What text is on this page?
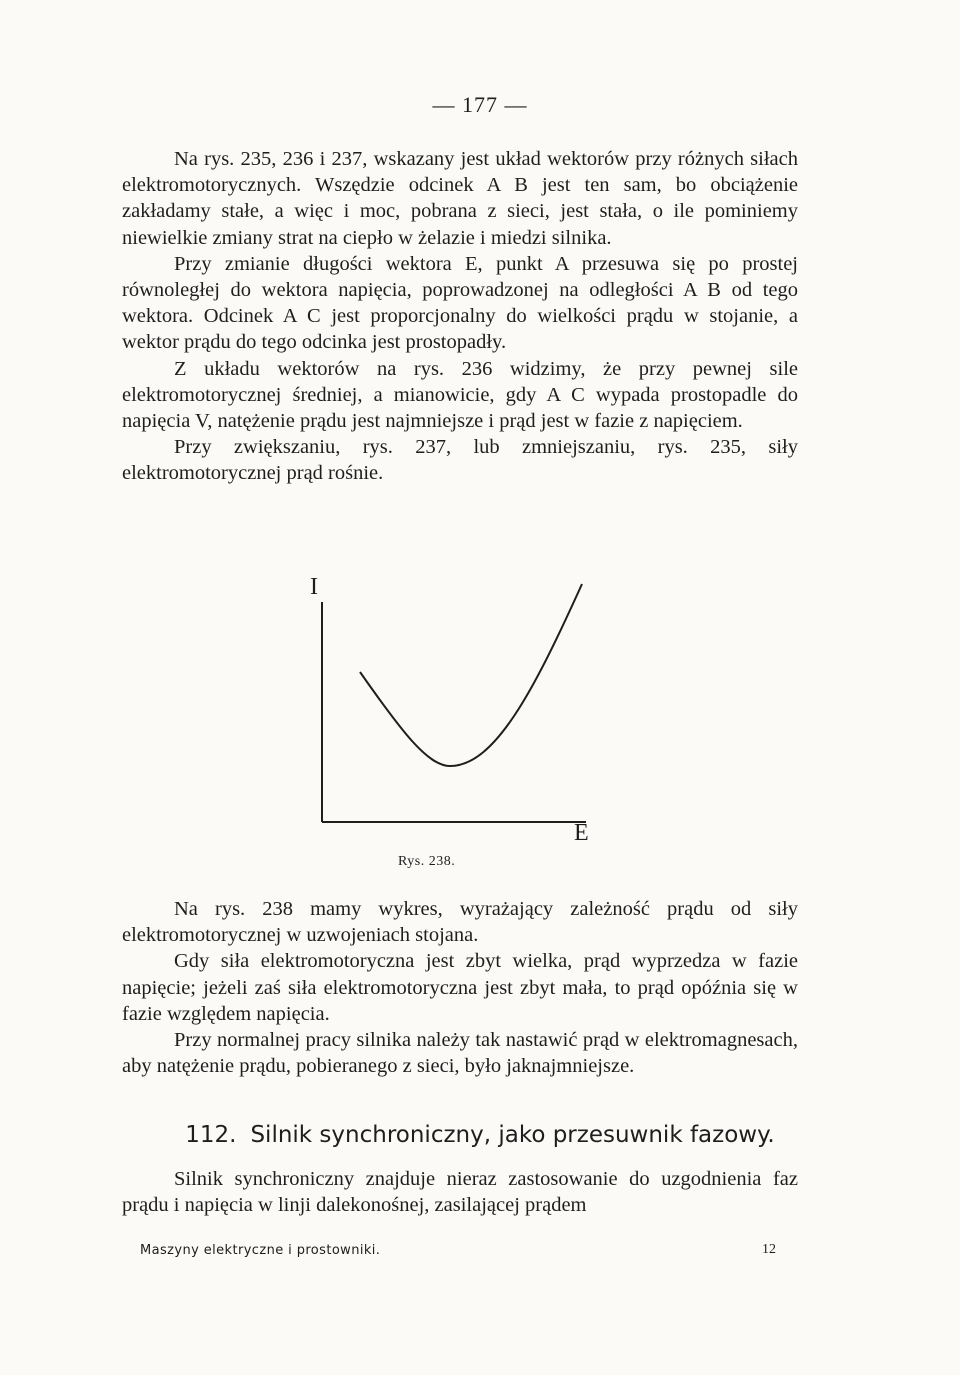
— 177 —

Na rys. 235, 236 i 237, wskazany jest układ wektorów przy różnych siłach elektromotorycznych. Wszędzie odcinek A B jest ten sam, bo obciążenie zakładamy stałe, a więc i moc, pobrana z sieci, jest stała, o ile pominiemy niewielkie zmiany strat na ciepło w żelazie i miedzi silnika.

Przy zmianie długości wektora E, punkt A przesuwa się po prostej równoległej do wektora napięcia, poprowadzonej na odległości A B od tego wektora. Odcinek A C jest proporcjonalny do wielkości prądu w stojanie, a wektor prądu do tego odcinka jest prostopadły.

Z układu wektorów na rys. 236 widzimy, że przy pewnej sile elektromotorycznej średniej, a mianowicie, gdy A C wypada prostopadle do napięcia V, natężenie prądu jest najmniejsze i prąd jest w fazie z napięciem.

Przy zwiększaniu, rys. 237, lub zmniejszaniu, rys. 235, siły elektromotorycznej prąd rośnie.

I
E
Rys. 238.

Na rys. 238 mamy wykres, wyrażający zależność prądu od siły elektromotorycznej w uzwojeniach stojana.

Gdy siła elektromotoryczna jest zbyt wielka, prąd wyprzedza w fazie napięcie; jeżeli zaś siła elektromotoryczna jest zbyt mała, to prąd opóźnia się w fazie względem napięcia.

Przy normalnej pracy silnika należy tak nastawić prąd w elektromagnesach, aby natężenie prądu, pobieranego z sieci, było jaknajmniejsze.

112. Silnik synchroniczny, jako przesuwnik fazowy.

Silnik synchroniczny znajduje nieraz zastosowanie do uzgodnienia faz prądu i napięcia w linji dalekonośnej, zasilającej prądem

Maszyny elektryczne i prostowniki.	12
